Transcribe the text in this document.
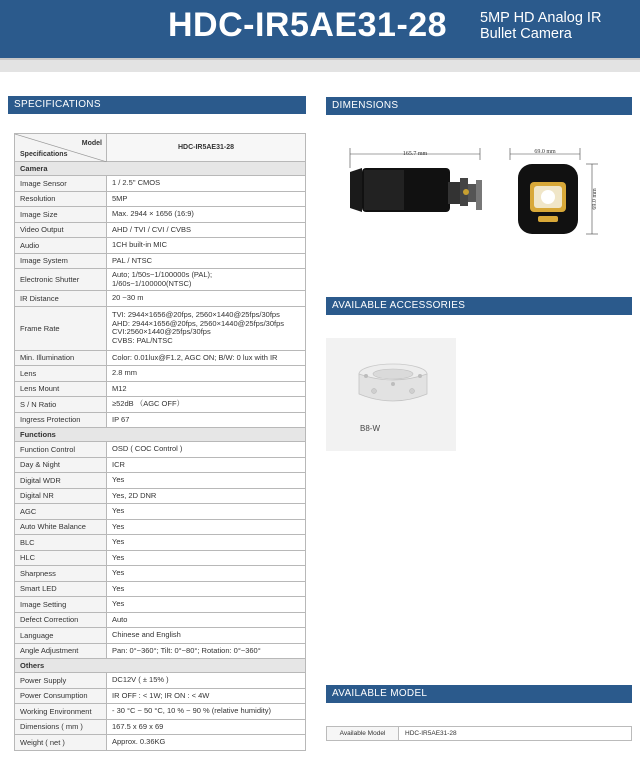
HDC-IR5AE31-28 5MP HD Analog IR
Bullet Camera
SPECIFICATIONS	DIMENSIONS
AVAILABLE ACCESSORIES
AVAILABLE MODEL
Model
Specifications	HDC-IR5AE31-28
Camera	
Image Sensor	1 / 2.5" CMOS
Resolution	5MP
Image Size	Max. 2944 × 1656 (16:9)
Video Output	AHD / TVI / CVI / CVBS
Audio	1CH built-in MIC
Image System	PAL / NTSC
Electronic Shutter	Auto; 1/50s~1/100000s (PAL);
1/60s~1/100000(NTSC)
IR Distance	20 ~30 m
Frame Rate	TVI: 2944×1656@20fps, 2560×1440@25fps/30fps
AHD: 2944×1656@20fps, 2560×1440@25fps/30fps
CVI:2560×1440@25fps/30fps
CVBS: PAL/NTSC
Min. Illumination	Color: 0.01lux@F1.2, AGC ON; B/W: 0 lux with IR
Lens	2.8 mm
Lens Mount	M12
S / N Ratio	≥52dB （AGC OFF）
Ingress Protection	IP 67
Functions	
Function Control	OSD ( COC Control )
Day & Night	ICR
Digital WDR	Yes
Digital NR	Yes, 2D DNR
AGC	Yes
Auto White Balance	Yes
BLC	Yes
HLC	Yes
Sharpness	Yes
Smart LED	Yes
Image Setting	Yes
Defect Correction	Auto
Language	Chinese and English
Angle Adjustment	Pan: 0°~360°; Tilt: 0°~80°; Rotation: 0°~360°
Others	
Power Supply	DC12V ( ± 15% )
Power Consumption	IR OFF : < 1W; IR ON : < 4W
Working Environment	- 30 °C ~ 50 °C, 10 % ~ 90 % (relative humidity)
Dimensions ( mm )	167.5 x 69 x 69
Weight ( net )	Approx. 0.36KG
165.7 mm	69.0 mm
69.0 mm
B8-W
Available Model	HDC-IR5AE31-28
